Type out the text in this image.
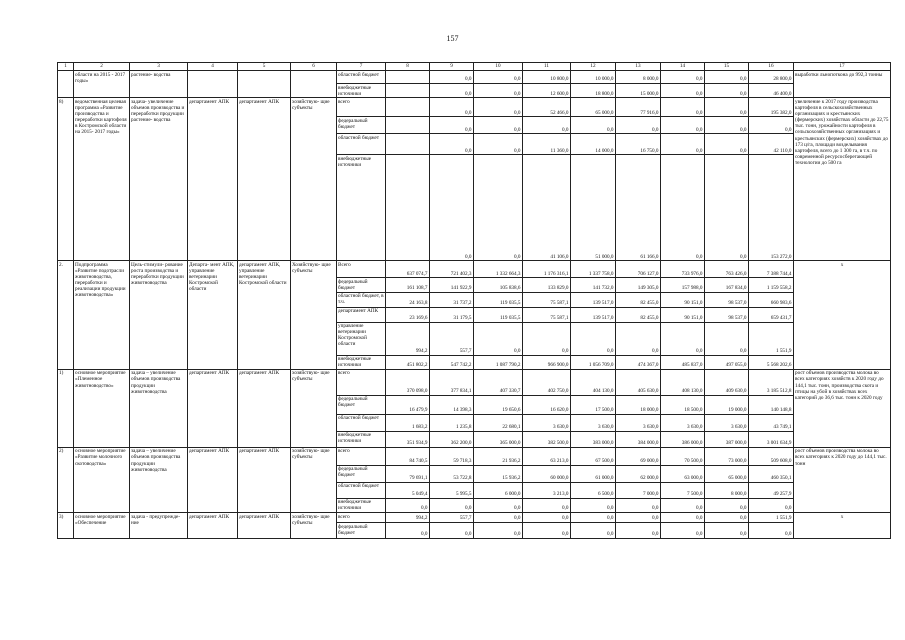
157
1	2	3	4	5	6	7	8	9	10	11	12	13	14	15	16	17
	области на 2015 - 2017 годы»	растение- водства				областной бюджет		0,0	0,0	10 800,0	10 000,0	8 000,0	0,0	0,0	28 800,0	выработки льнопоткона до 992,3 тонны
						внебюджетные источники		0,0	0,0	12 600,0	18 800,0	15 000,0	0,0	0,0	46 400,0	
8)	ведомственная целевая программа «Развитие производства и переработки картофеля в Костромской области на 2015- 2017 годы»	задача- увеличение объемов производства и переработки продукции растение- водства	департамент АПК	департамент АПК	хозяйствую- щие субъекты	всего		0,0	0,0	52 466,0	65 000,0	77 916,0	0,0	0,0	195 382,0	увеличение к 2017 году производства картофеля в сельскохозяйственных организациях и крестьянских (фермерских) хозяйствах области до 22,75 тыс. тонн, урожайности картофеля в сельскохозяйственных организациях и крестьянских (фермерских) хозяйствах до 173 ц/га, площади возделывания картофеля, всего до 1 300 га, в т.ч. по современной ресурсосберегающей технологии до 500 га
						федеральный бюджет		0,0	0,0	0,0	0,0	0,0	0,0	0,0	0,0	
						областной бюджет		0,0	0,0	11 360,0	14 000,0	16 750,0	0,0	0,0	42 110,0	
						внебюджетные источники		0,0	0,0	41 106,0	51 000,0	61 166,0	0,0	0,0	153 272,0	
2.	Подпрограмма «Развитие подотрасли животноводства, переработки и реализации продукции животноводства»	Цель-стимули- рование роста производства и переработки продукции животноводства	Департа- мент АПК, управление ветеринарии Костромской области	департамент АПК, управление ветеринарии Костромской области	Хозяйствую- щие субъекты	Всего	637 074,7	721 402,3	1 332 664,3	1 176 316,1	1 337 758,0	706 127,0	733 976,0	763 426,0	7 388 744,4	x
						федеральный бюджет	161 108,7	141 922,9	105 838,6	133 829,0	141 732,0	149 305,0	157 988,0	167 834,0	1 159 558,2	
						областной бюджет, в т.ч.	24 163,8	31 737,2	119 035,5	75 587,1	139 517,0	82 455,0	90 151,0	98 537,0	660 983,6	
						департамент АПК	23 169,6	31 179,5	119 035,5	75 587,1	139 517,0	82 455,0	90 151,0	98 537,0	659 431,7	
						управление ветеринарии Костромской области	994,2	557,7	0,0	0,0	0,0	0,0	0,0	0,0	1 551,9	
						внебюджетные источники	451 802,2	547 742,2	1 087 790,2	966 900,0	1 056 709,0	474 367,0	485 837,0	497 055,0	5 568 202,6	
1)	основное мероприятие «Племенное животноводство»	задача – увеличение объемов производства продукции животноводства	департамент АПК	департамент АПК	хозяйствую- щие субъекты	всего	370 098,0	377 834,1	407 330,7	402 750,0	404 130,0	405 630,0	408 130,0	409 630,0	3 185 512,8	рост объемов производства молока во всех категориях хозяйств к 2020 году до 144,1 тыс. тонн, производства скота и птицы на убой в хозяйствах всех категорий до 36,6 тыс. тонн к 2020 году
						федеральный бюджет	16 479,9	14 398,3	19 650,6	16 620,0	17 500,0	18 000,0	18 500,0	19 000,0	140 148,8	
						областной бюджет	1 683,2	1 235,8	22 680,1	3 630,0	3 630,0	3 630,0	3 630,0	3 630,0	43 749,1	
						внебюджетные источники	351 934,9	362 200,0	365 000,0	382 500,0	383 000,0	384 000,0	386 000,0	387 000,0	3 001 634,9	
2)	основное мероприятие «Развитие молочного скотоводства»	задача – увеличение объемов производства продукции животноводства	департамент АПК	департамент АПК	хозяйствую- щие субъекты	всего	84 740,5	59 718,3	21 936,2	63 213,0	67 500,0	69 000,0	70 500,0	73 000,0	509 608,0	рост объемов производства молока во всех категориях к 2020 году до 144,1 тыс. тонн
						федеральный бюджет	79 691,1	53 722,8	15 936,2	60 000,0	61 000,0	62 000,0	63 000,0	65 000,0	460 350,1	
						областной бюджет	5 049,4	5 995,5	6 000,0	3 213,0	6 500,0	7 000,0	7 500,0	8 000,0	49 257,9	
						внебюджетные источники	0,0	0,0	0,0	0,0	0,0	0,0	0,0	0,0	0,0	
3)	основное мероприятие «Обеспечение	задача - предупрежде- ние	департамент АПК	департамент АПК	хозяйствую- щие субъекты	всего	994,2	557,7	0,0	0,0	0,0	0,0	0,0	0,0	1 551,9	x
						федеральный бюджет	0,0	0,0	0,0	0,0	0,0	0,0	0,0	0,0	0,0	
